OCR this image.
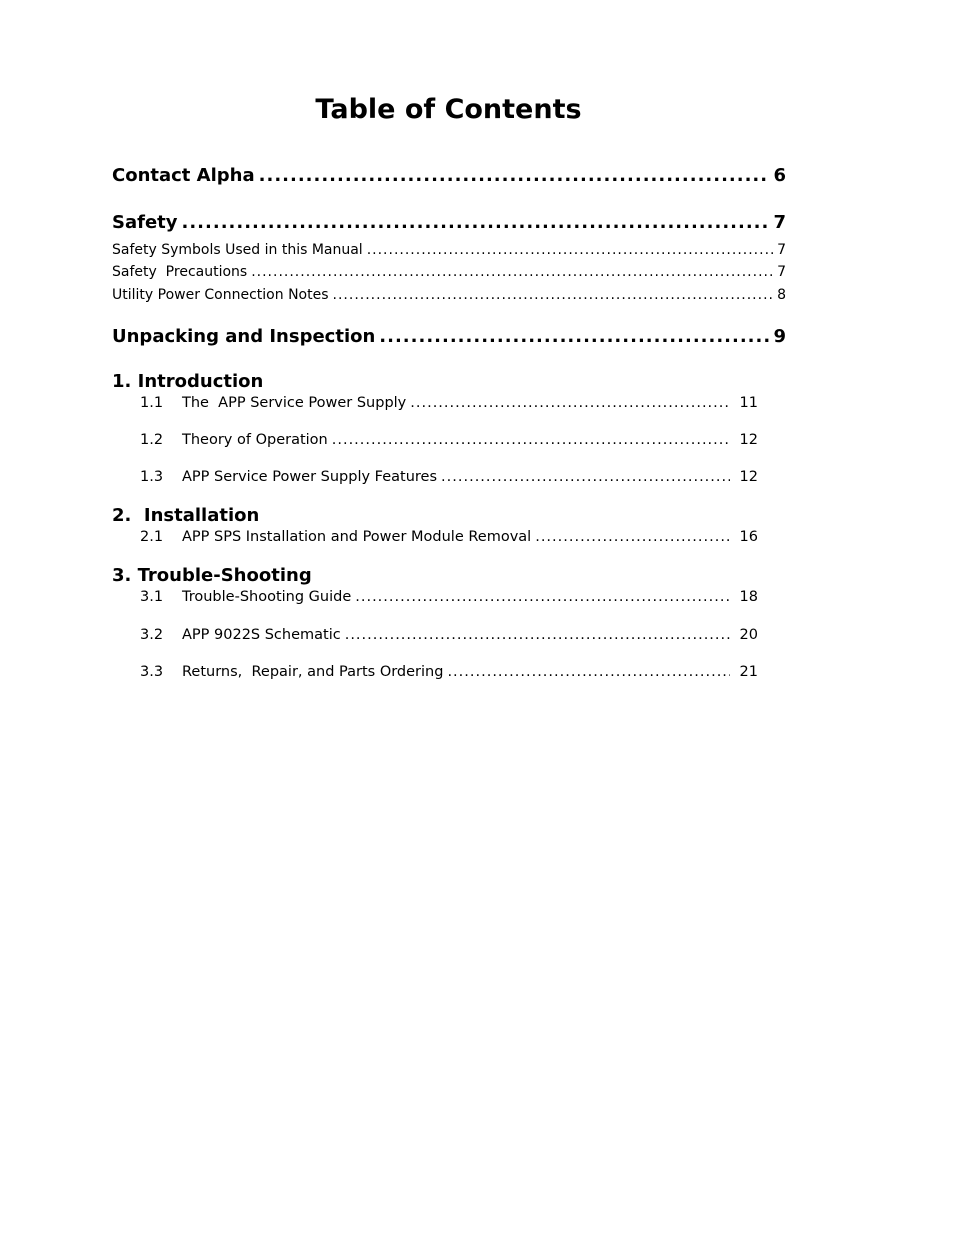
Table of Contents
Contact Alpha .....	6
Safety .....	7
Safety Symbols Used in this Manual .....	7
Safety  Precautions .....	7
Utility Power Connection Notes .....	8
Unpacking and Inspection .....	9
1. Introduction
1.1	The  APP Service Power Supply .....	11
1.2	Theory of Operation .....	12
1.3	APP Service Power Supply Features .....	12
2.  Installation
2.1	APP SPS Installation and Power Module Removal .....	16
3. Trouble-Shooting
3.1	Trouble-Shooting Guide .....	18
3.2	APP 9022S Schematic .....	20
3.3	Returns,  Repair, and Parts Ordering .....	21
